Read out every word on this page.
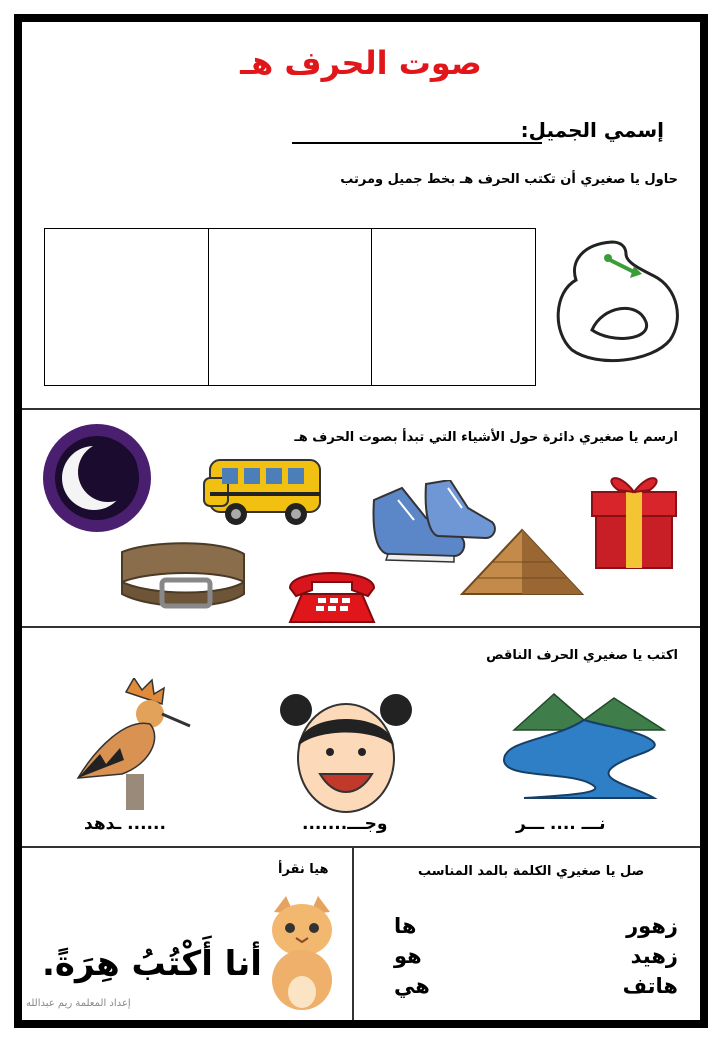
صوت الحرف هـ
إسمي الجميل:
حاول يا صغيري أن تكتب الحرف هـ بخط جميل ومرتب
ارسم يا صغيري دائرة حول الأشياء التي تبدأ بصوت الحرف هـ
اكتب يا صغيري الحرف الناقص
نـــ .... ـــر
وجـــ.......
...... ـدهد
هيا نقرأ
أنا أَكْتُبُ هِرَةً.
إعداد المعلمة ريم عبدالله
صل يا صغيري الكلمة بالمد المناسب
زهور
زهيد
هاتف
ها
هو
هي
